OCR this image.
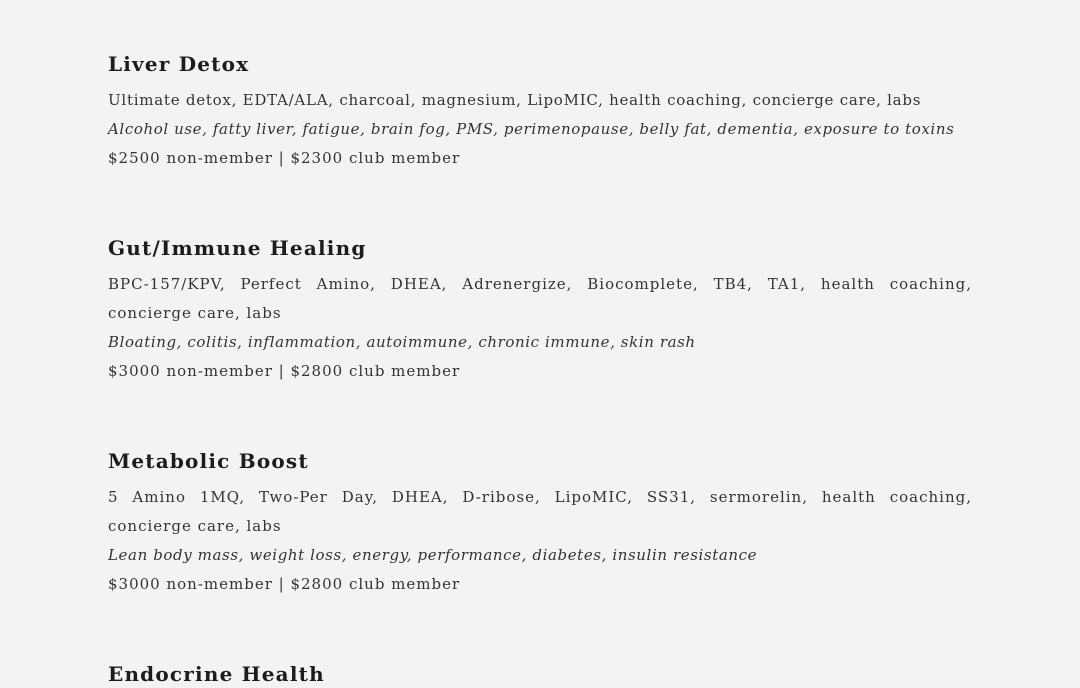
Liver Detox

Ultimate detox, EDTA/ALA, charcoal, magnesium, LipoMIC, health coaching, concierge care, labs

Alcohol use, fatty liver, fatigue, brain fog, PMS, perimenopause, belly fat, dementia, exposure to toxins

$2500 non-member | $2300 club member

Gut/Immune Healing

BPC-157/KPV, Perfect Amino, DHEA, Adrenergize, Biocomplete, TB4, TA1, health coaching, concierge care, labs

Bloating, colitis, inflammation, autoimmune, chronic immune, skin rash

$3000 non-member | $2800 club member

Metabolic Boost

5 Amino 1MQ, Two-Per Day, DHEA, D-ribose, LipoMIC, SS31, sermorelin, health coaching, concierge care, labs

Lean body mass, weight loss, energy, performance, diabetes, insulin resistance

$3000 non-member | $2800 club member

Endocrine Health
